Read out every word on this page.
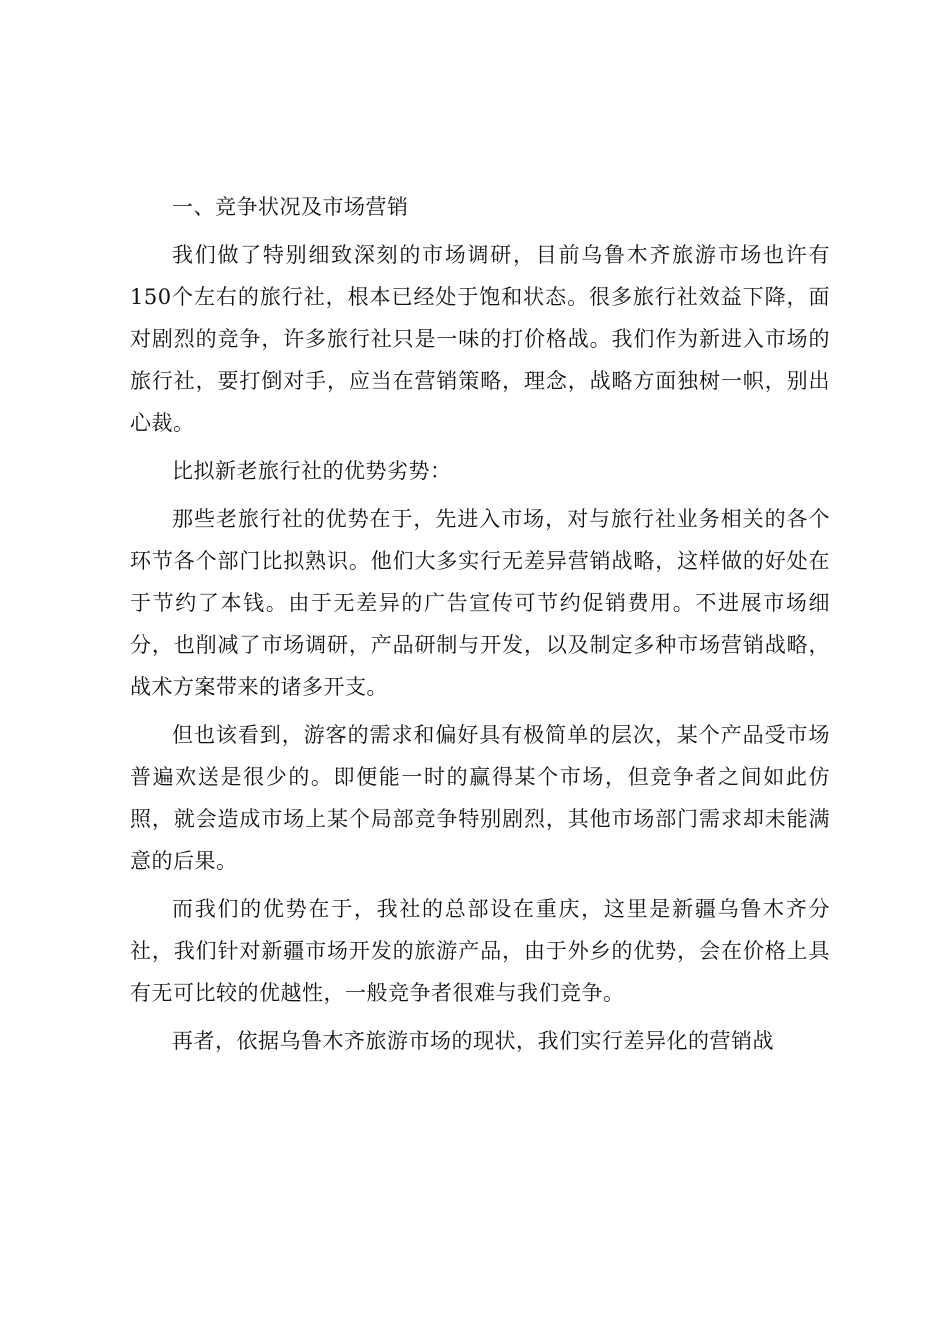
一、竞争状况及市场营销

我们做了特别细致深刻的市场调研，目前乌鲁木齐旅游市场也许有150个左右的旅行社，根本已经处于饱和状态。很多旅行社效益下降，面对剧烈的竞争，许多旅行社只是一味的打价格战。我们作为新进入市场的旅行社，要打倒对手，应当在营销策略，理念，战略方面独树一帜，别出心裁。

比拟新老旅行社的优势劣势：

那些老旅行社的优势在于，先进入市场，对与旅行社业务相关的各个环节各个部门比拟熟识。他们大多实行无差异营销战略，这样做的好处在于节约了本钱。由于无差异的广告宣传可节约促销费用。不进展市场细分，也削减了市场调研，产品研制与开发，以及制定多种市场营销战略，战术方案带来的诸多开支。

但也该看到，游客的需求和偏好具有极简单的层次，某个产品受市场普遍欢送是很少的。即便能一时的赢得某个市场，但竞争者之间如此仿照，就会造成市场上某个局部竞争特别剧烈，其他市场部门需求却未能满意的后果。

而我们的优势在于，我社的总部设在重庆，这里是新疆乌鲁木齐分社，我们针对新疆市场开发的旅游产品，由于外乡的优势，会在价格上具有无可比较的优越性，一般竞争者很难与我们竞争。

再者，依据乌鲁木齐旅游市场的现状，我们实行差异化的营销战
